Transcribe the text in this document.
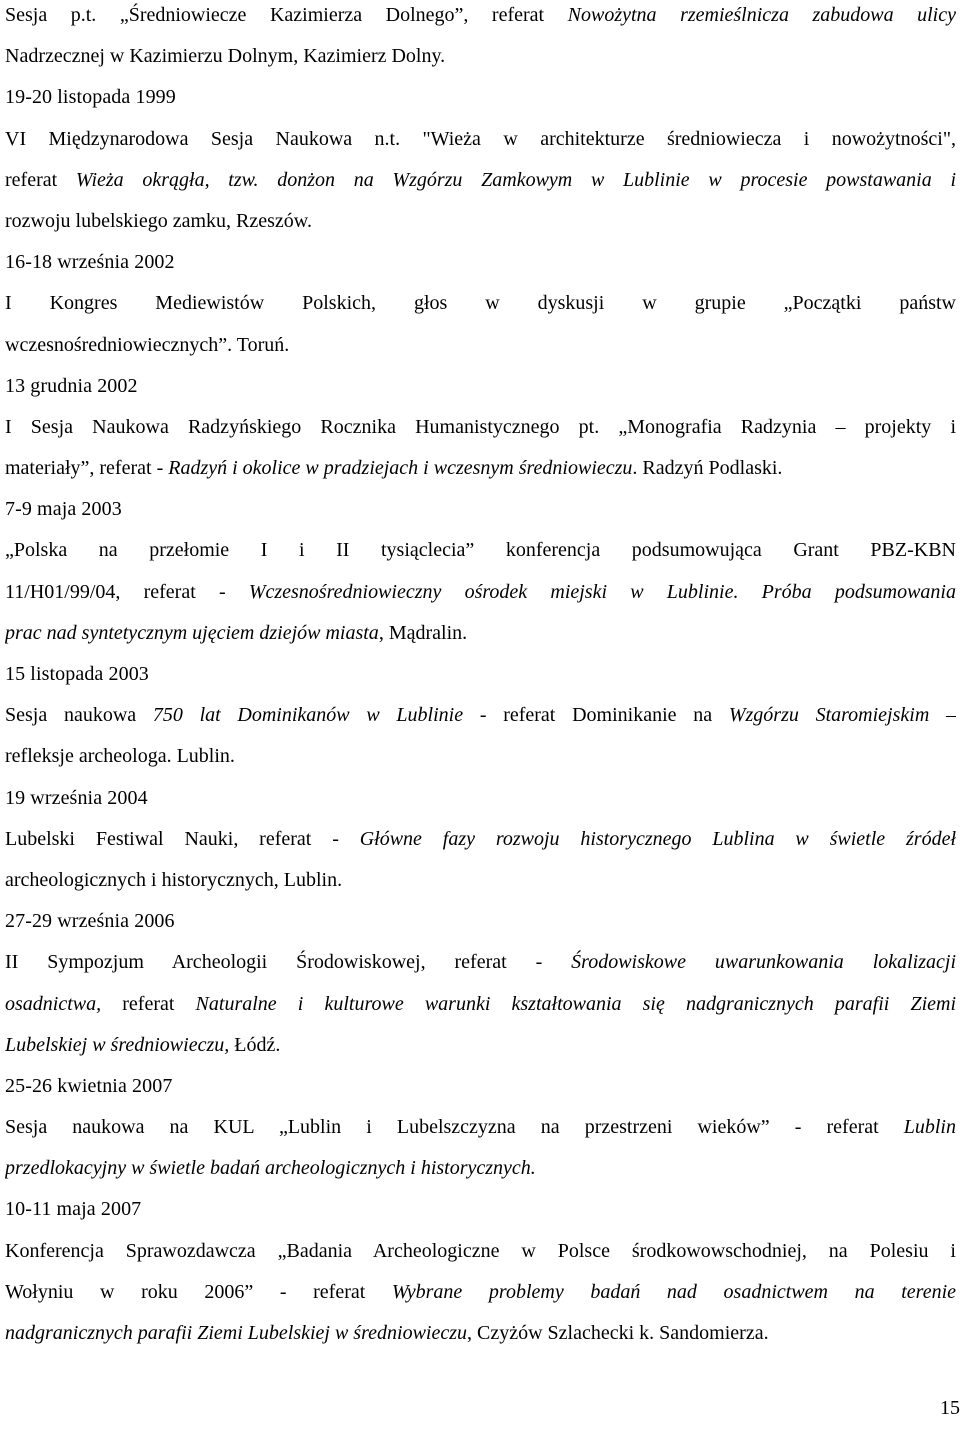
Sesja p.t. „Średniowiecze Kazimierza Dolnego”, referat Nowożytna rzemieślnicza zabudowa ulicy
Nadrzecznej w Kazimierzu Dolnym, Kazimierz Dolny.
19-20 listopada 1999
VI Międzynarodowa Sesja Naukowa n.t. "Wieża w architekturze średniowiecza i nowożytności",
referat Wieża okrągła, tzw. donżon na Wzgórzu Zamkowym w Lublinie w procesie powstawania i
rozwoju lubelskiego zamku, Rzeszów.
16-18 września 2002
I Kongres Mediewistów Polskich, głos w dyskusji w grupie „Początki państw
wczesnośredniowiecznych”. Toruń.
13 grudnia 2002
I Sesja Naukowa Radzyńskiego Rocznika Humanistycznego pt. „Monografia Radzynia – projekty i
materiały”, referat - Radzyń i okolice w pradziejach i wczesnym średniowieczu. Radzyń Podlaski.
7-9 maja 2003
„Polska na przełomie I i II tysiąclecia” konferencja podsumowująca Grant PBZ-KBN
11/H01/99/04, referat - Wczesnośredniowieczny ośrodek miejski w Lublinie. Próba podsumowania
prac nad syntetycznym ujęciem dziejów miasta, Mądralin.
15 listopada 2003
Sesja naukowa 750 lat Dominikanów w Lublinie - referat Dominikanie na Wzgórzu Staromiejskim –
refleksje archeologa. Lublin.
19 września 2004
Lubelski Festiwal Nauki, referat - Główne fazy rozwoju historycznego Lublina w świetle źródeł
archeologicznych i historycznych, Lublin.
27-29 września 2006
II Sympozjum Archeologii Środowiskowej, referat - Środowiskowe uwarunkowania lokalizacji
osadnictwa, referat Naturalne i kulturowe warunki kształtowania się nadgranicznych parafii Ziemi
Lubelskiej w średniowieczu, Łódź.
25-26 kwietnia 2007
Sesja naukowa na KUL „Lublin i Lubelszczyzna na przestrzeni wieków” - referat Lublin
przedlokacyjny w świetle badań archeologicznych i historycznych.
10-11 maja 2007
Konferencja Sprawozdawcza „Badania Archeologiczne w Polsce środkowowschodniej, na Polesiu i
Wołyniu w roku 2006” - referat Wybrane problemy badań nad osadnictwem na terenie
nadgranicznych parafii Ziemi Lubelskiej w średniowieczu, Czyżów Szlachecki k. Sandomierza.
15
